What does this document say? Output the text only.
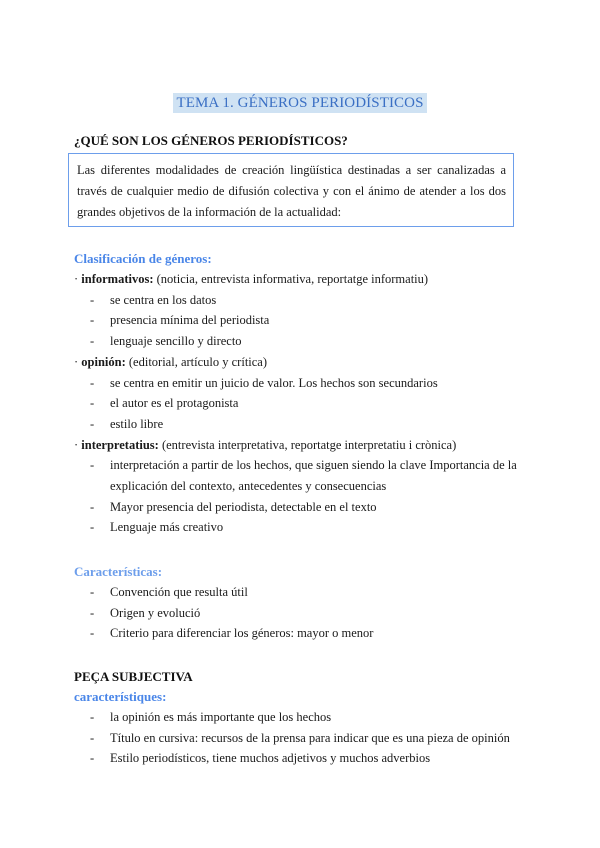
TEMA 1. GÉNEROS PERIODÍSTICOS
¿QUÉ SON LOS GÉNEROS PERIODÍSTICOS?
Las diferentes modalidades de creación lingüística destinadas a ser canalizadas a través de cualquier medio de difusión colectiva y con el ánimo de atender a los dos grandes objetivos de la información de la actualidad:
Clasificación de géneros:
· informativos: (noticia, entrevista informativa, reportatge informatiu)
- se centra en los datos
- presencia mínima del periodista
- lenguaje sencillo y directo
· opinión: (editorial, artículo y crítica)
- se centra en emitir un juicio de valor. Los hechos son secundarios
- el autor es el protagonista
- estilo libre
· interpretatius: (entrevista interpretativa, reportatge interpretatiu i crònica)
- interpretación a partir de los hechos, que siguen siendo la clave Importancia de la explicación del contexto, antecedentes y consecuencias
- Mayor presencia del periodista, detectable en el texto
- Lenguaje más creativo
Características:
- Convención que resulta útil
- Origen y evolució
- Criterio para diferenciar los géneros: mayor o menor
PEÇA SUBJECTIVA
característiques:
- la opinión es más importante que los hechos
- Título en cursiva: recursos de la prensa para indicar que es una pieza de opinión
- Estilo periodísticos, tiene muchos adjetivos y muchos adverbios
